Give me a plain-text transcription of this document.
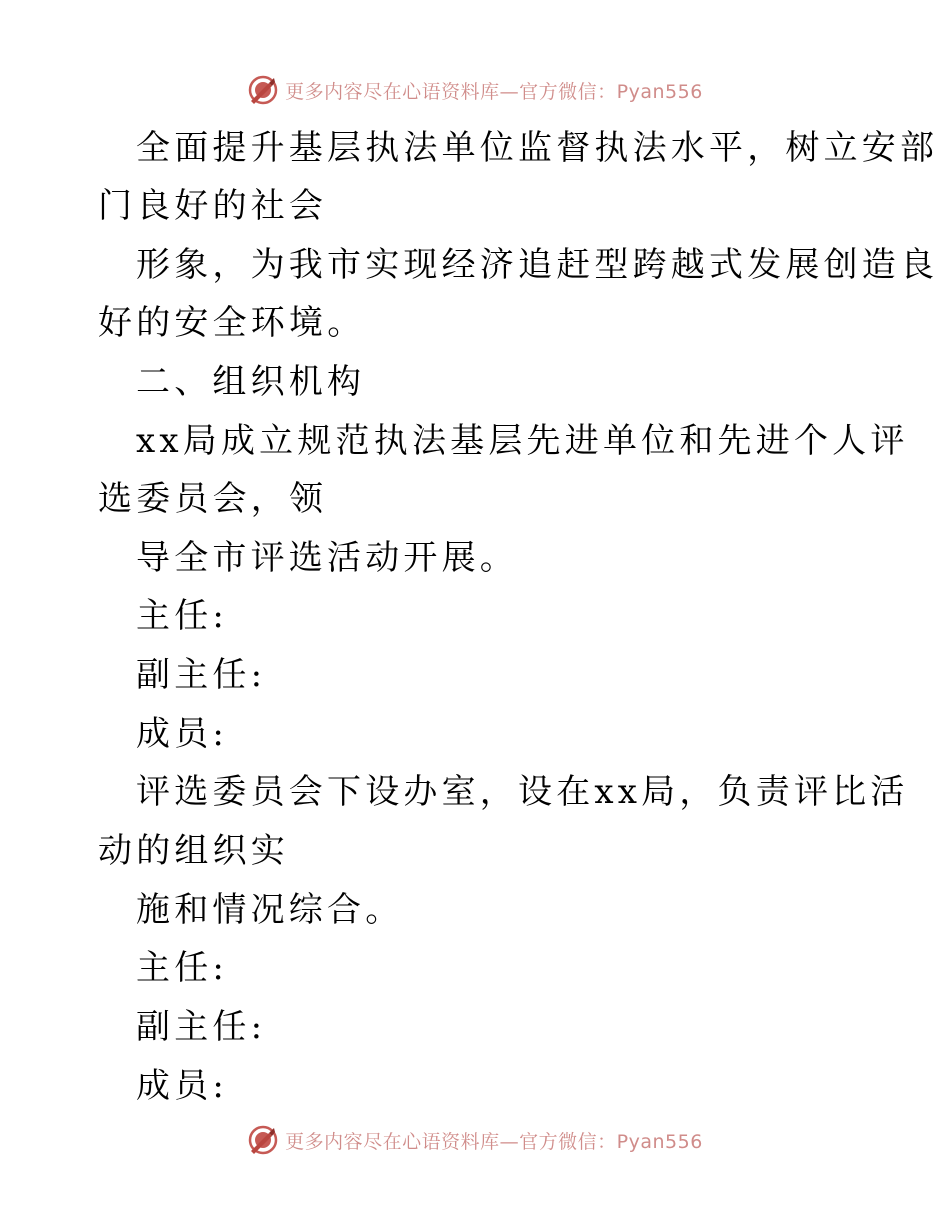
更多内容尽在心语资料库—官方微信：Pyan556
全面提升基层执法单位监督执法水平，树立安部
门良好的社会
形象，为我市实现经济追赶型跨越式发展创造良
好的安全环境。
二、组织机构
xx局成立规范执法基层先进单位和先进个人评
选委员会，领
导全市评选活动开展。
主任:
副主任:
成员:
评选委员会下设办室，设在xx局，负责评比活
动的组织实
施和情况综合。
主任:
副主任:
成员:
更多内容尽在心语资料库—官方微信：Pyan556
